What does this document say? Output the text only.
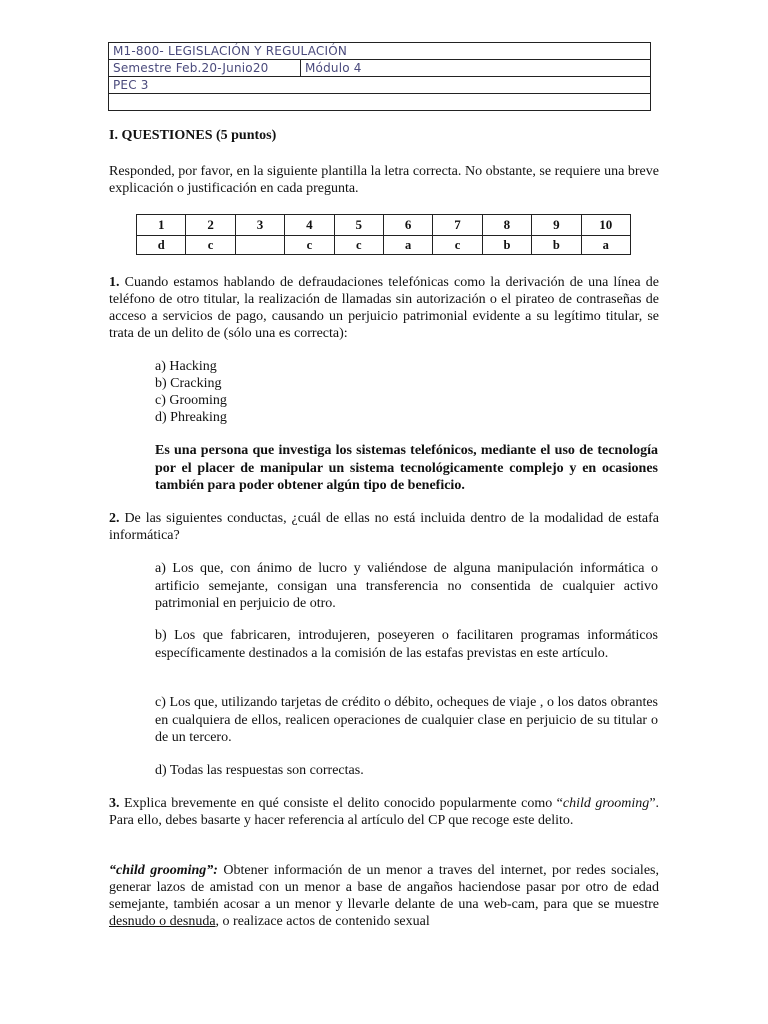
M1-800- LEGISLACIÓN Y REGULACIÓN
Semestre Feb.20-Junio20	Módulo 4
PEC 3

I. QUESTIONES (5 puntos)
Responded, por favor, en la siguiente plantilla la letra correcta. No obstante, se requiere una breve explicación o justificación en cada pregunta.
1	2	3	4	5	6	7	8	9	10
d	c		c	c	a	c	b	b	a
1. Cuando estamos hablando de defraudaciones telefónicas como la derivación de una línea de teléfono de otro titular, la realización de llamadas sin autorización o el pirateo de contraseñas de acceso a servicios de pago, causando un perjuicio patrimonial evidente a su legítimo titular, se trata de un delito de (sólo una es correcta):
a) Hacking
b) Cracking
c) Grooming
d) Phreaking
Es una persona que investiga los sistemas telefónicos, mediante el uso de tecnología por el placer de manipular un sistema tecnológicamente complejo y en ocasiones también para poder obtener algún tipo de beneficio.
2. De las siguientes conductas, ¿cuál de ellas no está incluida dentro de la modalidad de estafa informática?
a) Los que, con ánimo de lucro y valiéndose de alguna manipulación informática o artificio semejante, consigan una transferencia no consentida de cualquier activo patrimonial en perjuicio de otro.
b) Los que fabricaren, introdujeren, poseyeren o facilitaren programas informáticos específicamente destinados a la comisión de las estafas previstas en este artículo.
c) Los que, utilizando tarjetas de crédito o débito, ocheques de viaje , o los datos obrantes en cualquiera de ellos, realicen operaciones de cualquier clase en perjuicio de su titular o de un tercero.
d) Todas las respuestas son correctas.
3. Explica brevemente en qué consiste el delito conocido popularmente como “child grooming”. Para ello, debes basarte y hacer referencia al artículo del CP que recoge este delito.
“child grooming”: Obtener información de un menor a traves del internet, por redes sociales, generar lazos de amistad con un menor a base de angaños haciendose pasar por otro de edad semejante, también acosar a un menor y llevarle delante de una web-cam, para que se muestre desnudo o desnuda, o realizace actos de contenido sexual
